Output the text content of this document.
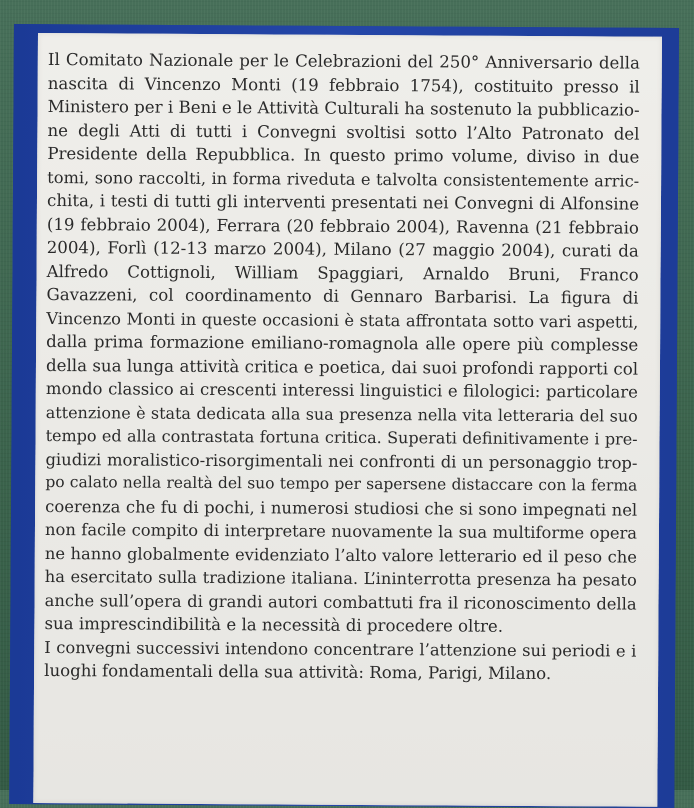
Il Comitato Nazionale per le Celebrazioni del 250° Anniversario della
nascita di Vincenzo Monti (19 febbraio 1754), costituito presso il
Ministero per i Beni e le Attività Culturali ha sostenuto la pubblicazio-
ne degli Atti di tutti i Convegni svoltisi sotto l’Alto Patronato del
Presidente della Repubblica. In questo primo volume, diviso in due
tomi, sono raccolti, in forma riveduta e talvolta consistentemente arric-
chita, i testi di tutti gli interventi presentati nei Convegni di Alfonsine
(19 febbraio 2004), Ferrara (20 febbraio 2004), Ravenna (21 febbraio
2004), Forlì (12-13 marzo 2004), Milano (27 maggio 2004), curati da
Alfredo Cottignoli, William Spaggiari, Arnaldo Bruni, Franco
Gavazzeni, col coordinamento di Gennaro Barbarisi. La figura di
Vincenzo Monti in queste occasioni è stata affrontata sotto vari aspetti,
dalla prima formazione emiliano-romagnola alle opere più complesse
della sua lunga attività critica e poetica, dai suoi profondi rapporti col
mondo classico ai crescenti interessi linguistici e filologici: particolare
attenzione è stata dedicata alla sua presenza nella vita letteraria del suo
tempo ed alla contrastata fortuna critica. Superati definitivamente i pre-
giudizi moralistico-risorgimentali nei confronti di un personaggio trop-
po calato nella realtà del suo tempo per sapersene distaccare con la ferma
coerenza che fu di pochi, i numerosi studiosi che si sono impegnati nel
non facile compito di interpretare nuovamente la sua multiforme opera
ne hanno globalmente evidenziato l’alto valore letterario ed il peso che
ha esercitato sulla tradizione italiana. L’ininterrotta presenza ha pesato
anche sull’opera di grandi autori combattuti fra il riconoscimento della
sua imprescindibilità e la necessità di procedere oltre.
I convegni successivi intendono concentrare l’attenzione sui periodi e i
luoghi fondamentali della sua attività: Roma, Parigi, Milano.
